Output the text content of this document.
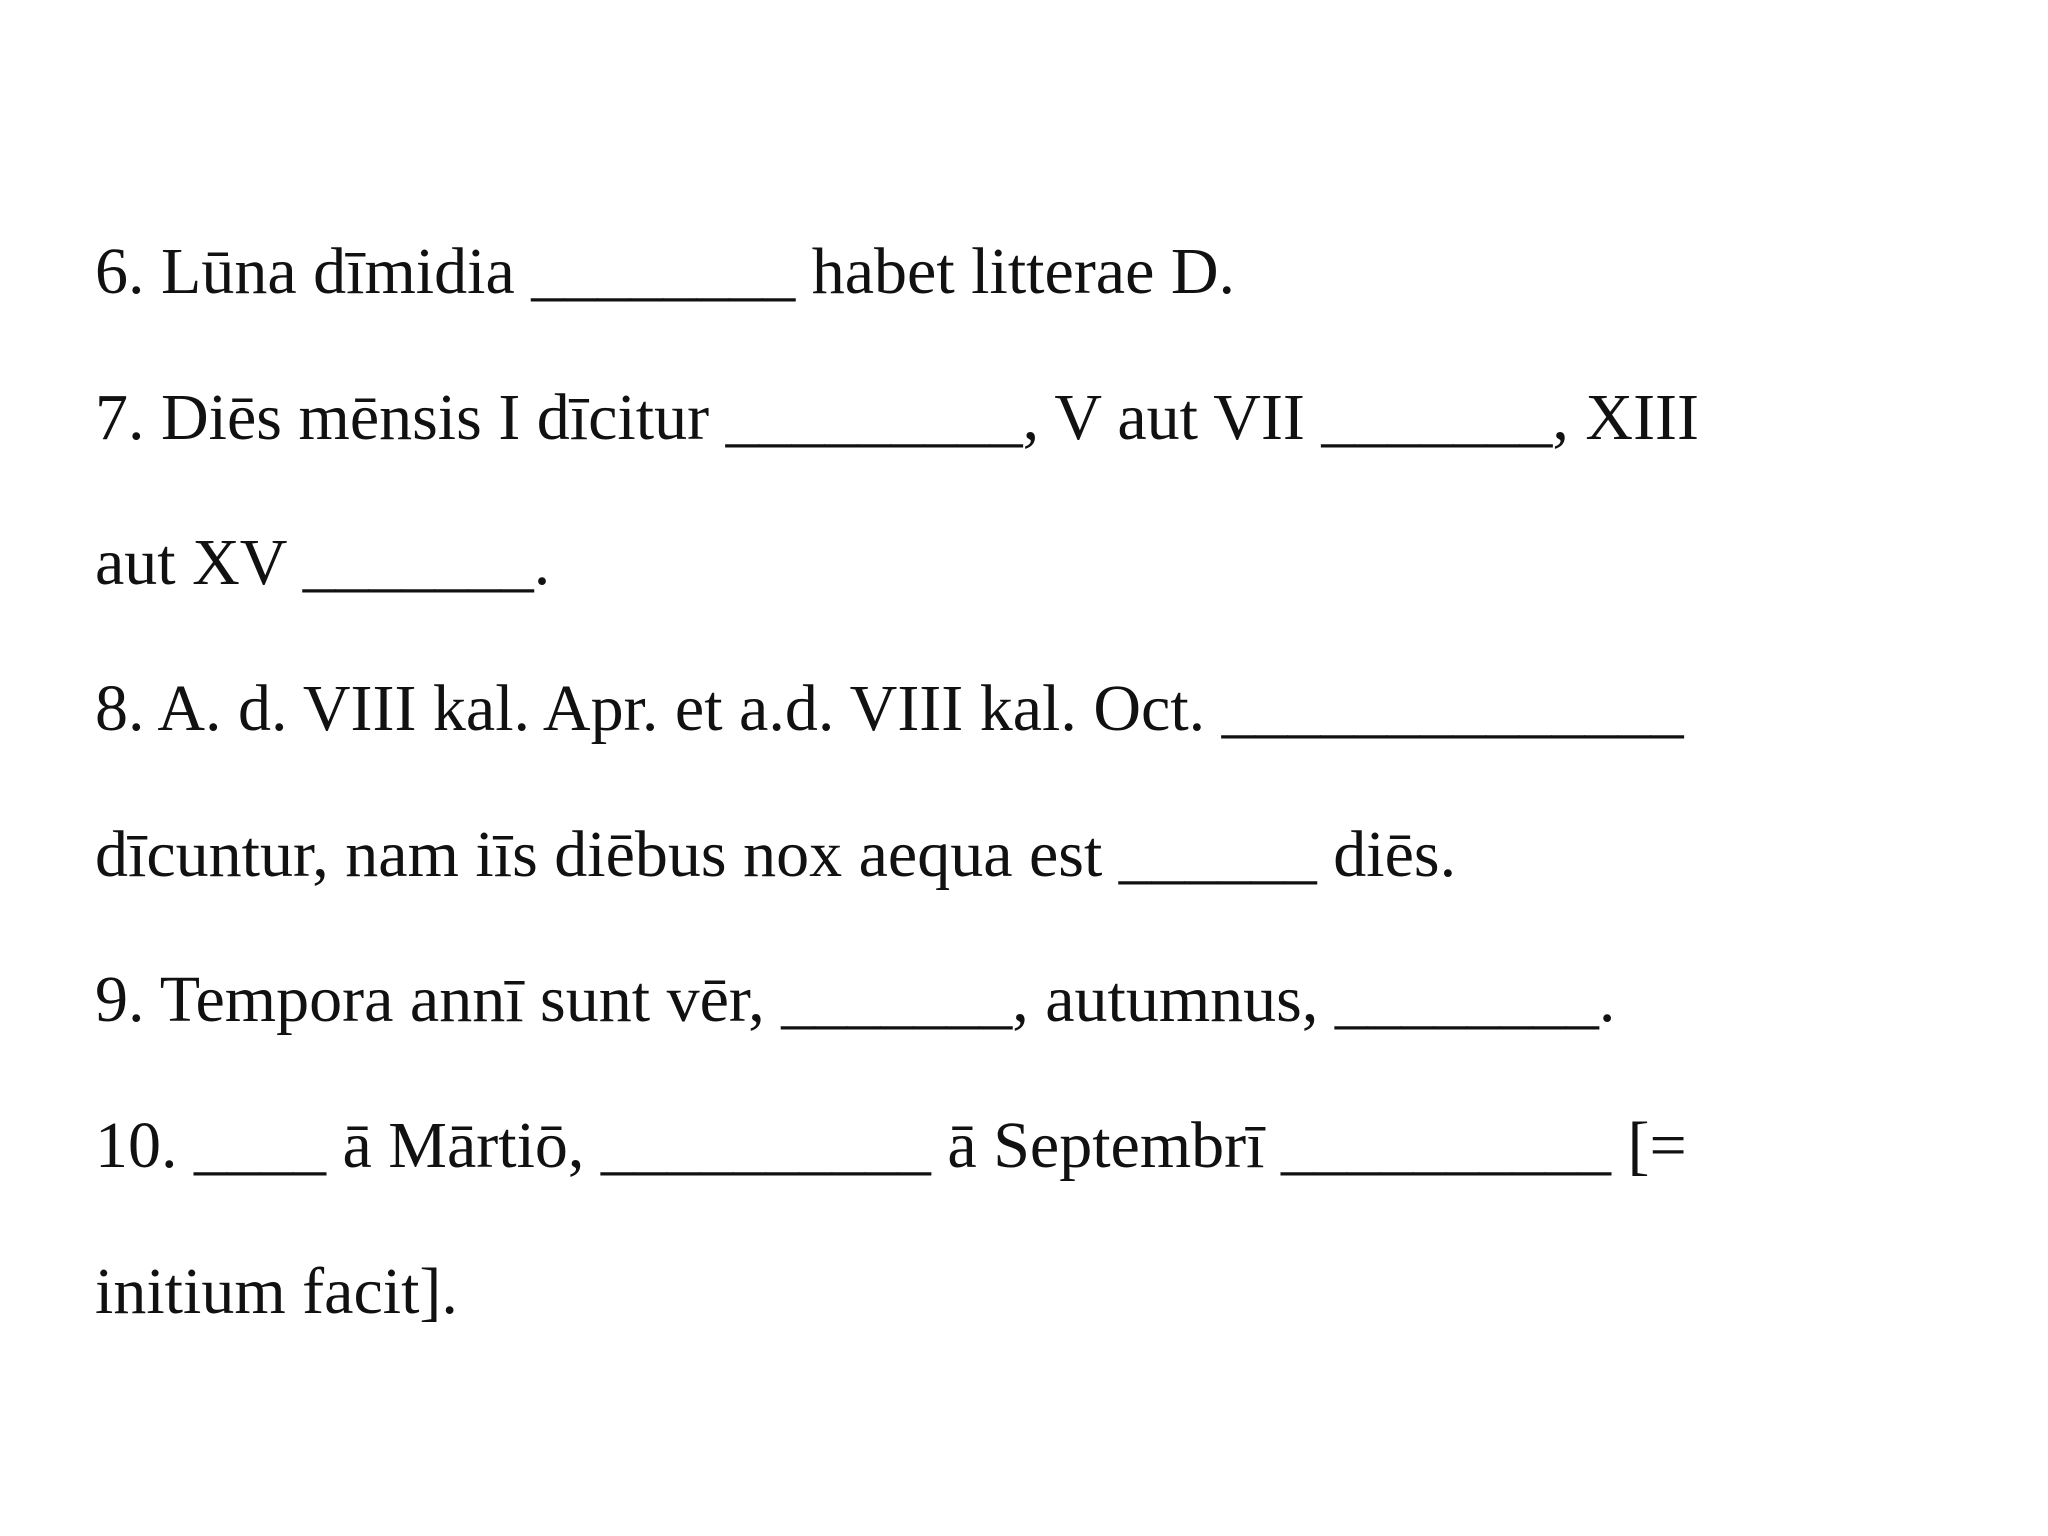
6. Lūna dīmidia ________ habet litterae D.
7. Diēs mēnsis I dīcitur _________, V aut VII _______, XIII
aut XV _______.
8. A. d. VIII kal. Apr. et a.d. VIII kal. Oct. ______________
dīcuntur, nam iīs diēbus nox aequa est ______ diēs.
9. Tempora annī sunt vēr, _______, autumnus, ________.
10. ____ ā Mārtiō, __________ ā Septembrī __________ [=
initium facit].
